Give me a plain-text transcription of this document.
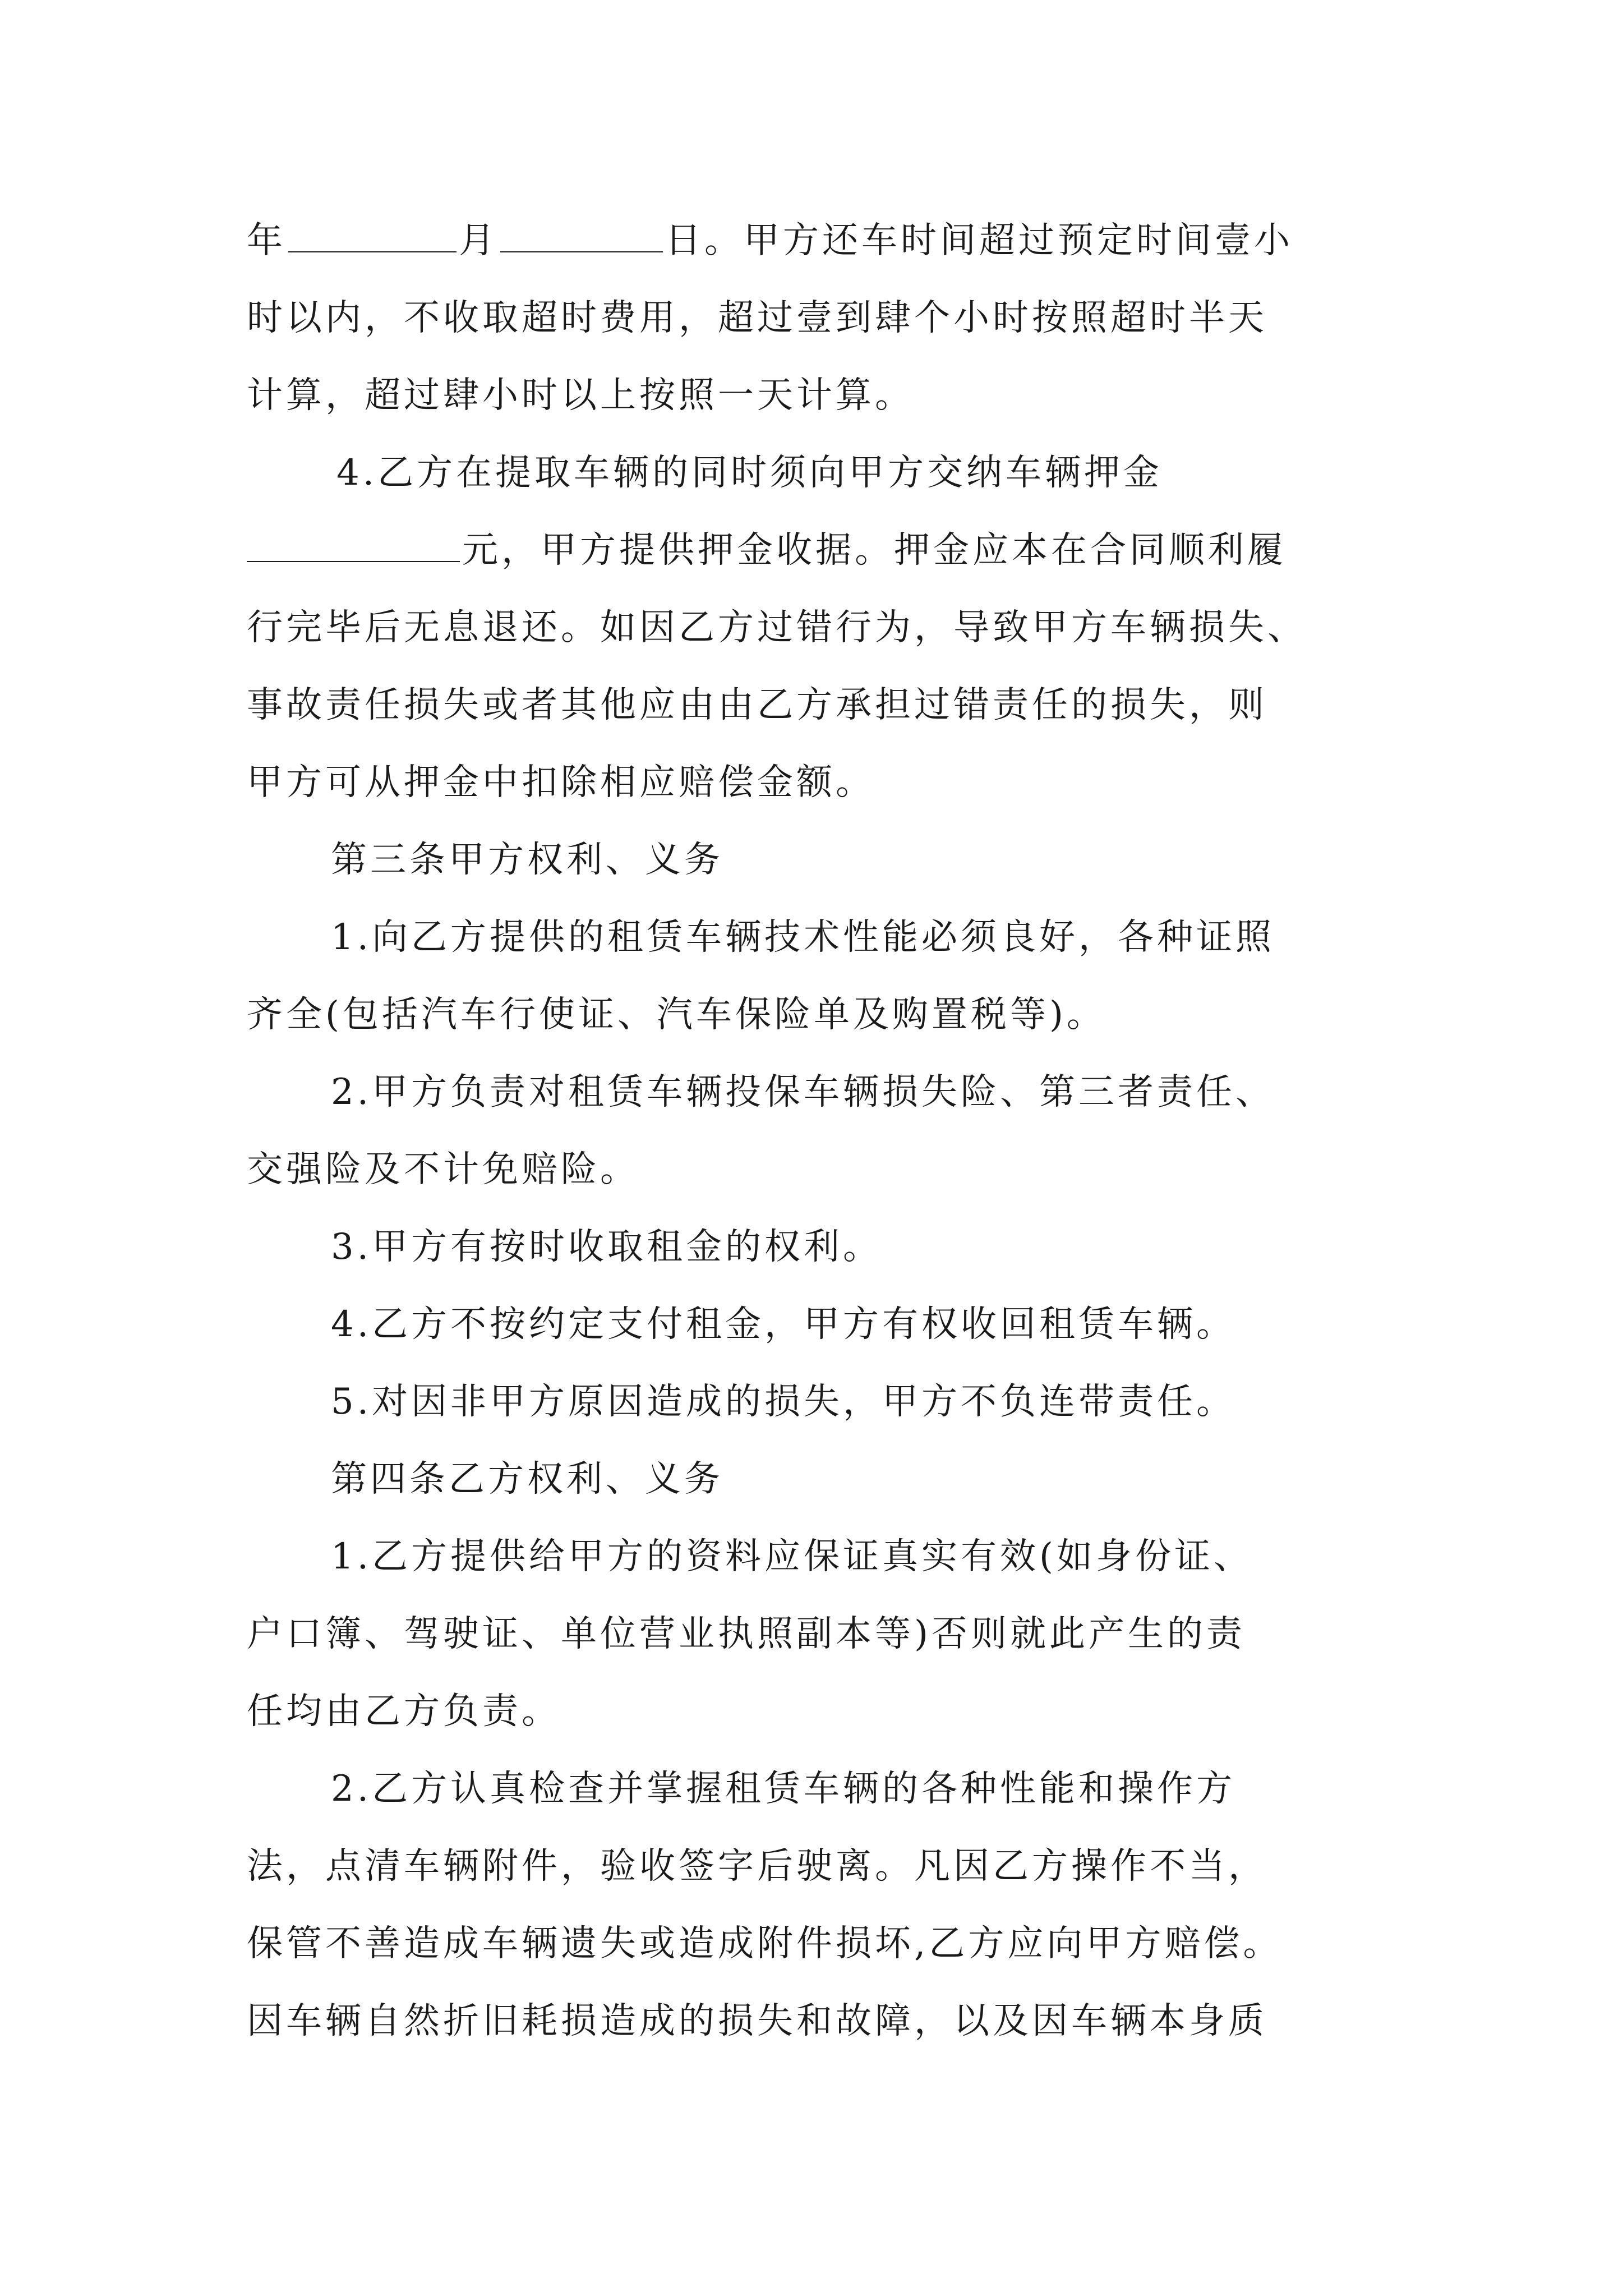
年	月	日。甲方还车时间超过预定时间壹小
时以内，不收取超时费用，超过壹到肆个小时按照超时半天
计算，超过肆小时以上按照一天计算。
4.乙方在提取车辆的同时须向甲方交纳车辆押金
元，甲方提供押金收据。押金应本在合同顺利履
行完毕后无息退还。如因乙方过错行为，导致甲方车辆损失、
事故责任损失或者其他应由由乙方承担过错责任的损失，则
甲方可从押金中扣除相应赔偿金额。
第三条甲方权利、义务
1.向乙方提供的租赁车辆技术性能必须良好，各种证照
齐全(包括汽车行使证、汽车保险单及购置税等)。
2.甲方负责对租赁车辆投保车辆损失险、第三者责任、
交强险及不计免赔险。
3.甲方有按时收取租金的权利。
4.乙方不按约定支付租金，甲方有权收回租赁车辆。
5.对因非甲方原因造成的损失，甲方不负连带责任。
第四条乙方权利、义务
1.乙方提供给甲方的资料应保证真实有效(如身份证、
户口簿、驾驶证、单位营业执照副本等)否则就此产生的责
任均由乙方负责。
2.乙方认真检查并掌握租赁车辆的各种性能和操作方
法，点清车辆附件，验收签字后驶离。凡因乙方操作不当，
保管不善造成车辆遗失或造成附件损坏,乙方应向甲方赔偿。
因车辆自然折旧耗损造成的损失和故障，以及因车辆本身质
